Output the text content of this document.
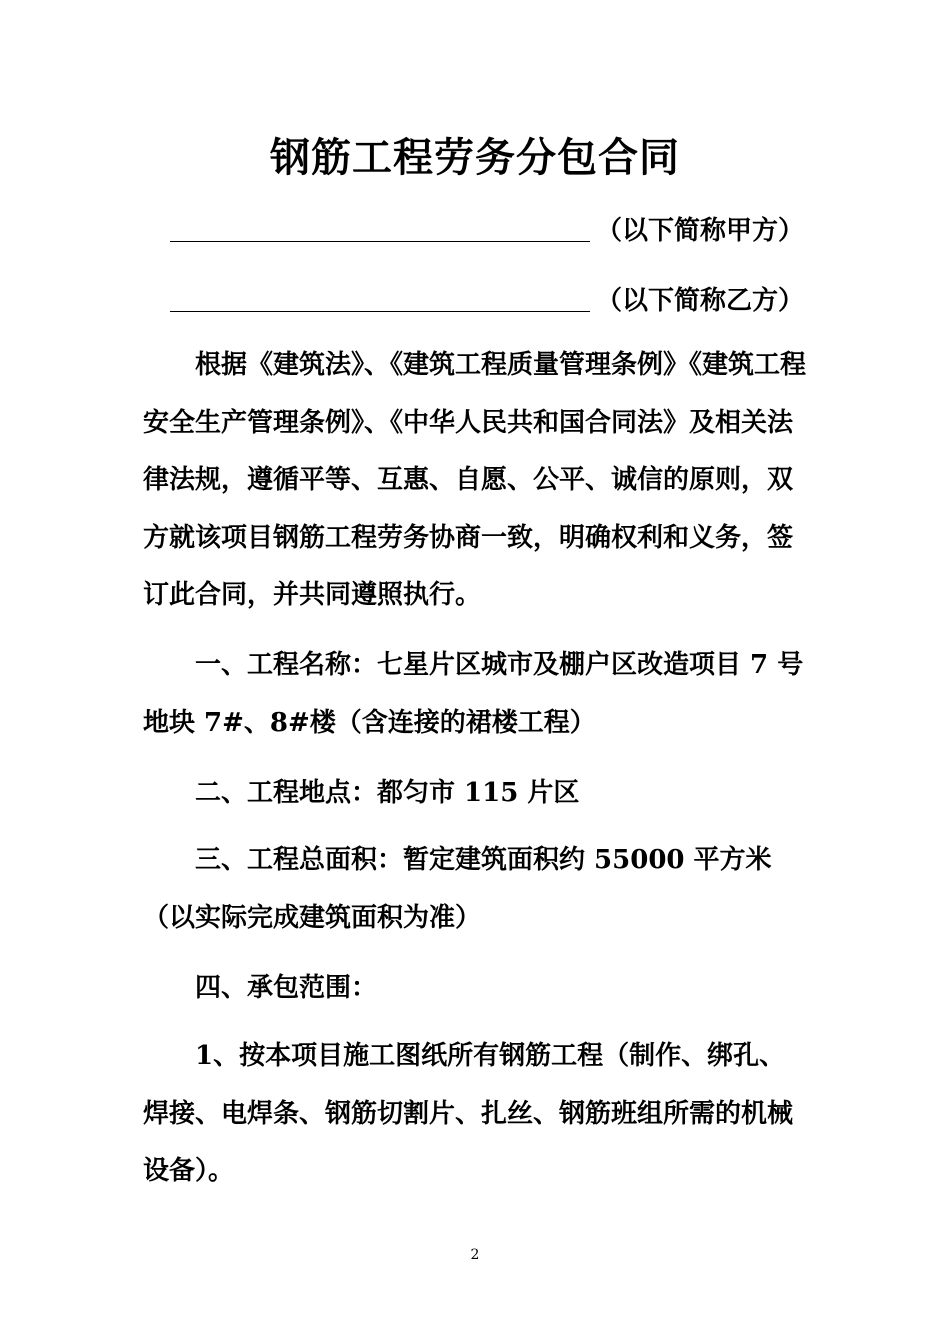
钢筋工程劳务分包合同
（以下简称甲方）
（以下简称乙方）

根据《建筑法》、《建筑工程质量管理条例》《建筑工程安全生产管理条例》、《中华人民共和国合同法》及相关法律法规，遵循平等、互惠、自愿、公平、诚信的原则，双方就该项目钢筋工程劳务协商一致，明确权利和义务，签订此合同，并共同遵照执行。

一、工程名称：七星片区城市及棚户区改造项目 7 号地块 7#、8#楼（含连接的裙楼工程）

二、工程地点：都匀市 115 片区

三、工程总面积：暂定建筑面积约 55000 平方米（以实际完成建筑面积为准）

四、承包范围：

1、按本项目施工图纸所有钢筋工程（制作、绑孔、焊接、电焊条、钢筋切割片、扎丝、钢筋班组所需的机械设备）。

2
